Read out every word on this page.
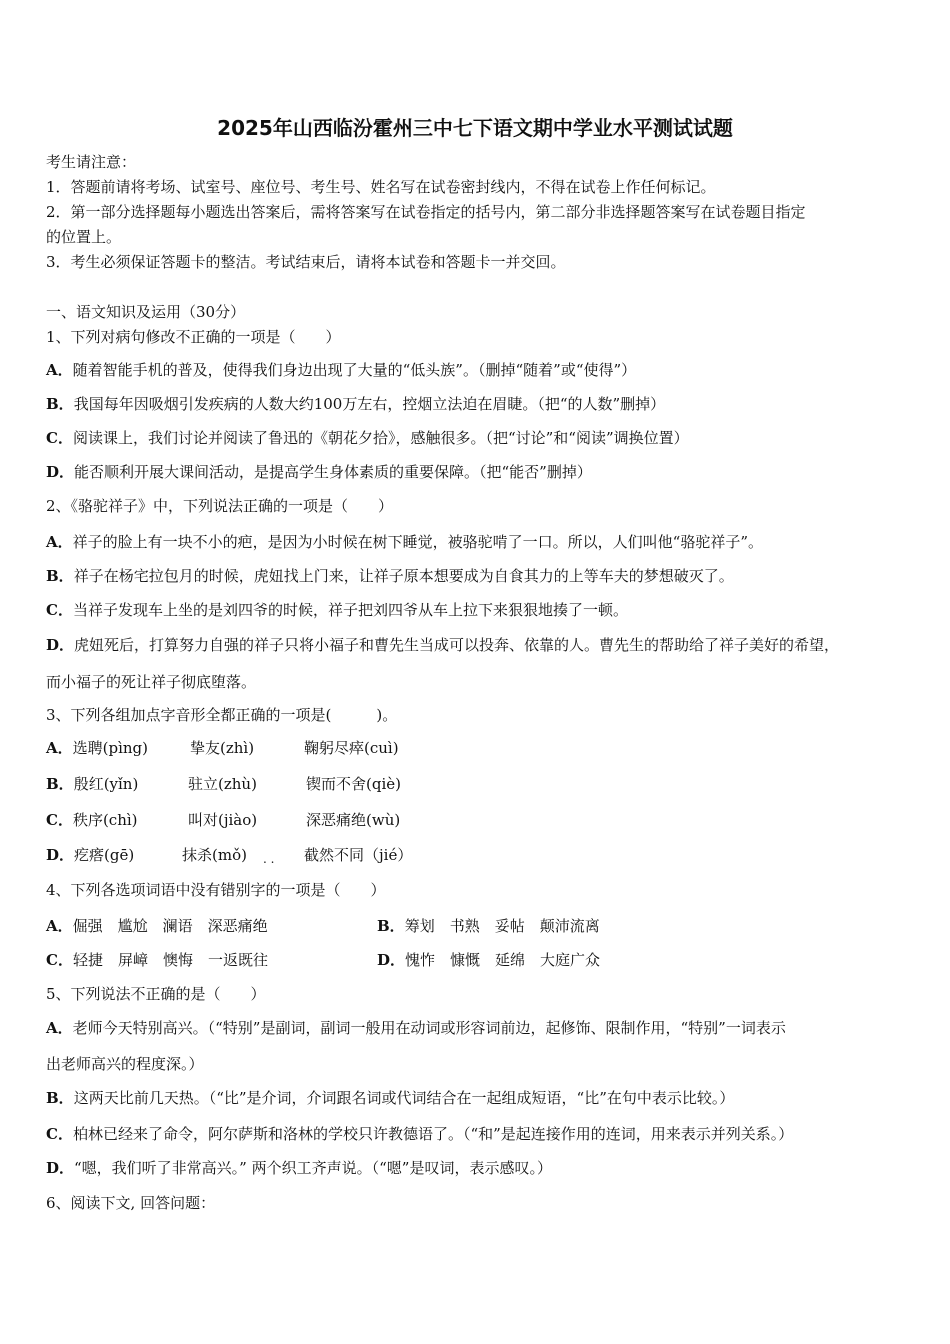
2025年山西临汾霍州三中七下语文期中学业水平测试试题
考生请注意：
1．答题前请将考场、试室号、座位号、考生号、姓名写在试卷密封线内，不得在试卷上作任何标记。
2．第一部分选择题每小题选出答案后，需将答案写在试卷指定的括号内，第二部分非选择题答案写在试卷题目指定
的位置上。
3．考生必须保证答题卡的整洁。考试结束后，请将本试卷和答题卡一并交回。
一、语文知识及运用（30分）
1、下列对病句修改不正确的一项是（　　）
A．随着智能手机的普及，使得我们身边出现了大量的“低头族”。（删掉“随着”或“使得”）
B．我国每年因吸烟引发疾病的人数大约100万左右，控烟立法迫在眉睫。（把“的人数”删掉）
C．阅读课上，我们讨论并阅读了鲁迅的《朝花夕拾》，感触很多。（把“讨论”和“阅读”调换位置）
D．能否顺利开展大课间活动，是提高学生身体素质的重要保障。（把“能否”删掉）
2、《骆驼祥子》中，下列说法正确的一项是（　　）
A．祥子的脸上有一块不小的疤，是因为小时候在树下睡觉，被骆驼啃了一口。所以，人们叫他“骆驼祥子”。
B．祥子在杨宅拉包月的时候，虎妞找上门来，让祥子原本想要成为自食其力的上等车夫的梦想破灭了。
C．当祥子发现车上坐的是刘四爷的时候，祥子把刘四爷从车上拉下来狠狠地揍了一顿。
D．虎妞死后，打算努力自强的祥子只将小福子和曹先生当成可以投奔、依靠的人。曹先生的帮助给了祥子美好的希望，
而小福子的死让祥子彻底堕落。
3、下列各组加点字音形全都正确的一项是(　　　)。
A．选聘(pìng)	挚友(zhì)	鞠躬尽瘁(cuì)
B．殷红(yǐn)	驻立(zhù)	锲而不舍(qiè)
C．秩序(chì)	叫对(jiào)	深恶痛绝(wù)
D．疙瘩(gē)	抹杀(mǒ)	截然不同（jié）
. .
4、下列各选项词语中没有错别字的一项是（　　）
A．倔强　尴尬　澜语　深恶痛绝	B．筹划　书熟　妥帖　颠沛流离
C．轻捷　屏嶂　懊悔　一返既往	D．愧怍　慷慨　延绵　大庭广众
5、下列说法不正确的是（　　）
A．老师今天特别高兴。（“特别”是副词，副词一般用在动词或形容词前边，起修饰、限制作用，“特别”一词表示
出老师高兴的程度深。）
B．这两天比前几天热。（“比”是介词，介词跟名词或代词结合在一起组成短语，“比”在句中表示比较。）
C．柏林已经来了命令，阿尔萨斯和洛林的学校只许教德语了。（“和”是起连接作用的连词，用来表示并列关系。）
D．“嗯，我们听了非常高兴。” 两个织工齐声说。（“嗯”是叹词，表示感叹。）
6、阅读下文, 回答问题：
